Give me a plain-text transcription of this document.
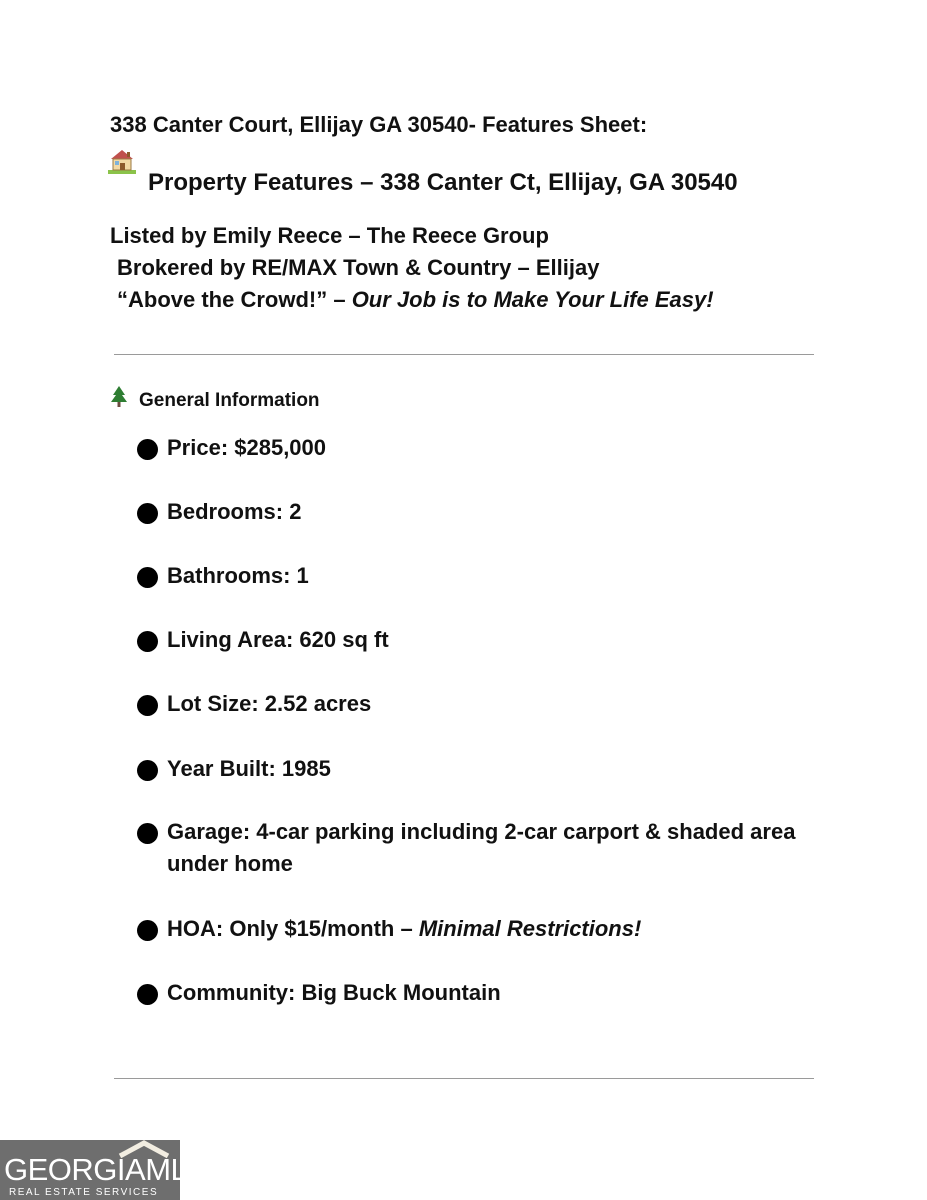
338 Canter Court, Ellijay GA 30540- Features Sheet:
Property Features – 338 Canter Ct, Ellijay, GA 30540
Listed by Emily Reece – The Reece Group
Brokered by RE/MAX Town & Country – Ellijay
“Above the Crowd!” – Our Job is to Make Your Life Easy!
General Information
Price: $285,000
Bedrooms: 2
Bathrooms: 1
Living Area: 620 sq ft
Lot Size: 2.52 acres
Year Built: 1985
Garage: 4-car parking including 2-car carport & shaded area under home
HOA: Only $15/month – Minimal Restrictions!
Community: Big Buck Mountain
GEORGIAMLS
REAL ESTATE SERVICES
